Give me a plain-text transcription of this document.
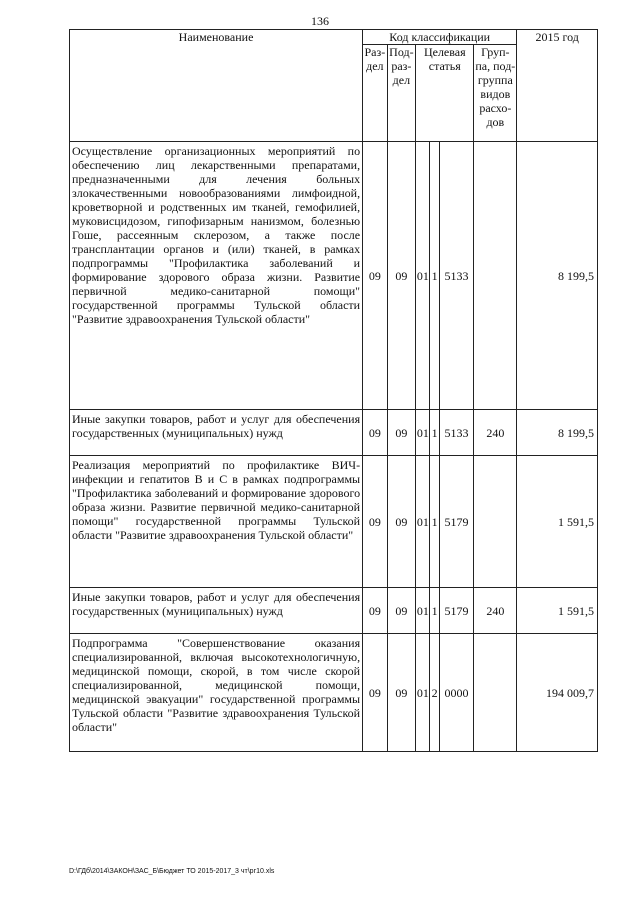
136
Наименование	Код классификации						2015 год
	Раз-дел	Под-раз-дел	Целевая статья			Груп-па, под-группа видов расхо-дов	
Осуществление организационных мероприятий по обеспечению лиц лекарственными препаратами, предназначенными для лечения больных злокачественными новообразованиями лимфоидной, кроветворной и родственных им тканей, гемофилией, муковисцидозом, гипофизарным нанизмом, болезнью Гоше, рассеянным склерозом, а также после трансплантации органов и (или) тканей, в рамках подпрограммы "Профилактика заболеваний и формирование здорового образа жизни. Развитие первичной медико-санитарной помощи" государственной программы Тульской области "Развитие здравоохранения Тульской области"	09	09	01	1	5133		8 199,5
Иные закупки товаров, работ и услуг для обеспечения государственных (муниципальных) нужд	09	09	01	1	5133	240	8 199,5
Реализация мероприятий по профилактике ВИЧ-инфекции и гепатитов В и С в рамках подпрограммы "Профилактика заболеваний и формирование здорового образа жизни. Развитие первичной медико-санитарной помощи" государственной программы Тульской области "Развитие здравоохранения Тульской области"	09	09	01	1	5179		1 591,5
Иные закупки товаров, работ и услуг для обеспечения государственных (муниципальных) нужд	09	09	01	1	5179	240	1 591,5
Подпрограмма "Совершенствование оказания специализированной, включая высокотехнологичную, медицинской помощи, скорой, в том числе скорой специализированной, медицинской помощи, медицинской эвакуации" государственной программы Тульской области "Развитие здравоохранения Тульской области"	09	09	01	2	0000		194 009,7
D:\ГДб\2014\ЗАКОН\ЗАС_Б\Бюджет ТО 2015-2017_3 чт\рг10.xls
